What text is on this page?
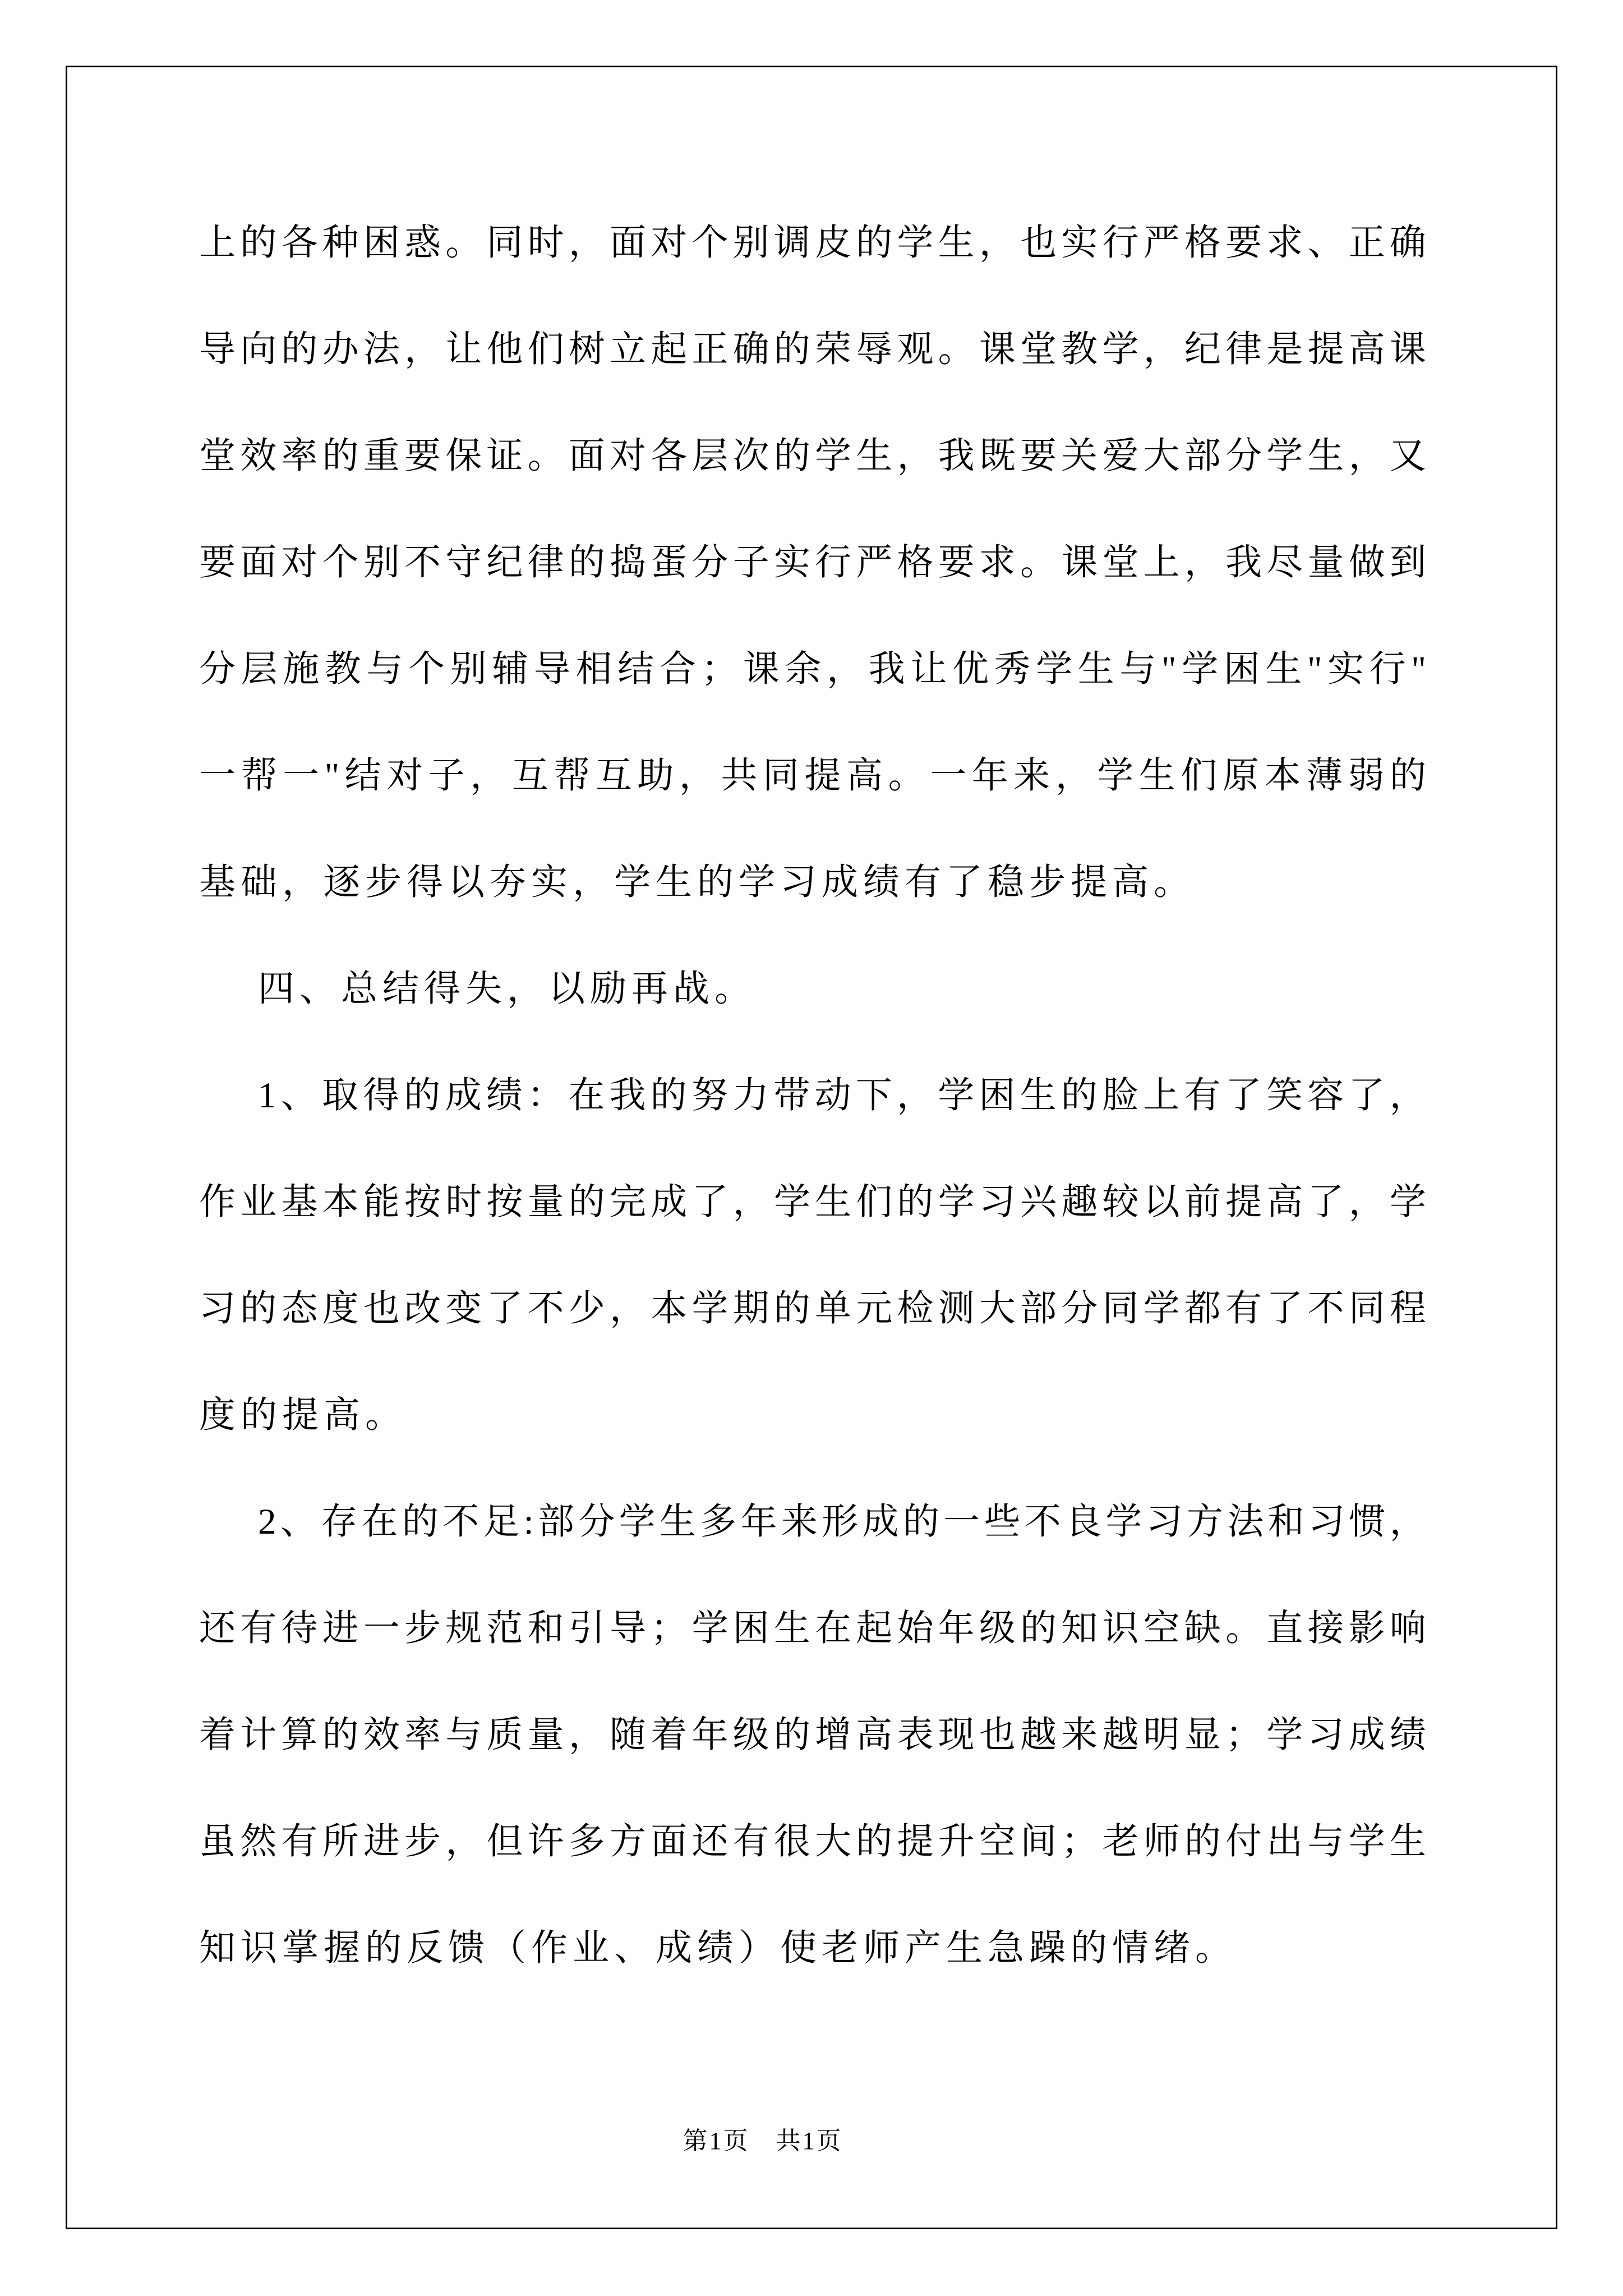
上 的 各 种 困 惑 。 同 时 ， 面 对 个 别 调 皮 的 学 生 ， 也 实 行 严 格 要 求 、 正 确
导 向 的 办 法 ， 让 他 们 树 立 起 正 确 的 荣 辱 观 。 课 堂 教 学 ， 纪 律 是 提 高 课
堂 效 率 的 重 要 保 证 。 面 对 各 层 次 的 学 生 ， 我 既 要 关 爱 大 部 分 学 生 ， 又
要 面 对 个 别 不 守 纪 律 的 捣 蛋 分 子 实 行 严 格 要 求 。 课 堂 上 ， 我 尽 量 做 到
分 层 施 教 与 个 别 辅 导 相 结 合 ； 课 余 ， 我 让 优 秀 学 生 与 " 学 困 生 " 实 行 "
一 帮 一 " 结 对 子 ， 互 帮 互 助 ， 共 同 提 高 。 一 年 来 ， 学 生 们 原 本 薄 弱 的
基础，逐步得以夯实，学生的学习成绩有了稳步提高。
四、总结得失，以励再战。
1 、 取 得 的 成 绩 ： 在 我 的 努 力 带 动 下 ， 学 困 生 的 脸 上 有 了 笑 容 了 ，
作 业 基 本 能 按 时 按 量 的 完 成 了 ， 学 生 们 的 学 习 兴 趣 较 以 前 提 高 了 ， 学
习 的 态 度 也 改 变 了 不 少 ， 本 学 期 的 单 元 检 测 大 部 分 同 学 都 有 了 不 同 程
度的提高。
2 、 存 在 的 不 足 : 部 分 学 生 多 年 来 形 成 的 一 些 不 良 学 习 方 法 和 习 惯 ，
还 有 待 进 一 步 规 范 和 引 导 ； 学 困 生 在 起 始 年 级 的 知 识 空 缺 。 直 接 影 响
着 计 算 的 效 率 与 质 量 ， 随 着 年 级 的 增 高 表 现 也 越 来 越 明 显 ； 学 习 成 绩
虽 然 有 所 进 步 ， 但 许 多 方 面 还 有 很 大 的 提 升 空 间 ； 老 师 的 付 出 与 学 生
知识掌握的反馈（作业、成绩）使老师产生急躁的情绪。
第1页　共1页
